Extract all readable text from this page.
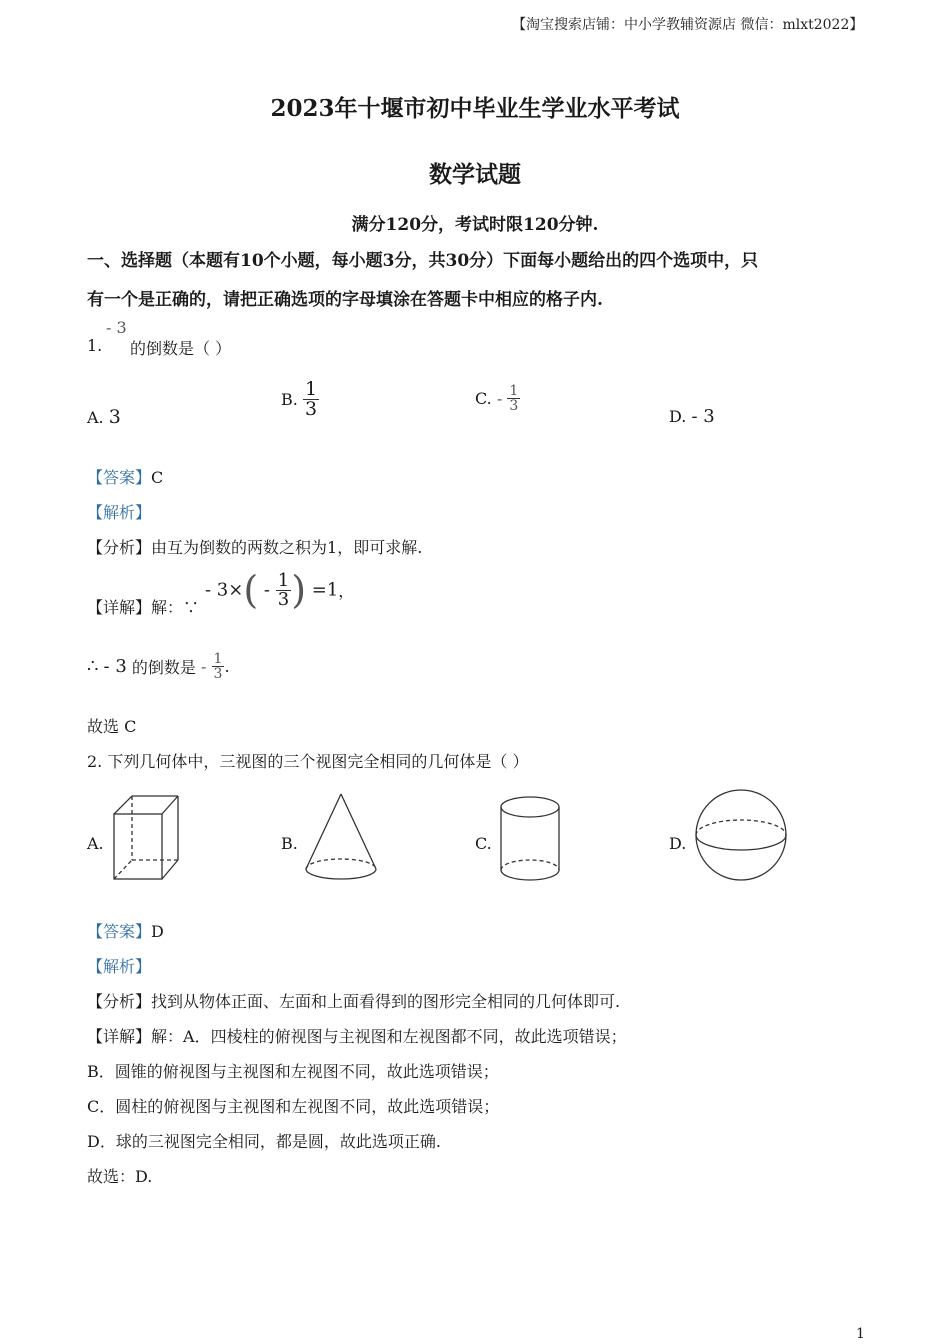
【淘宝搜索店铺：中小学教辅资源店 微信：mlxt2022】
2023年十堰市初中毕业生学业水平考试
数学试题
满分120分，考试时限120分钟.
一、选择题（本题有10个小题，每小题3分，共30分）下面每小题给出的四个选项中，只
有一个是正确的，请把正确选项的字母填涂在答题卡中相应的格子内.
1.
- 3
的倒数是（ ）
A. 3
B. $\frac{1}{3}$	C. - $\frac{1}{3}$
D. - 3
【答案】C
【解析】
【分析】由互为倒数的两数之积为1，即可求解.
【详解】解：∵
- $3\times( - \frac{1}{3}$ ) =1，
∴ - 3 的倒数是 - $\frac{1}{3}$ .
故选 C
2. 下列几何体中，三视图的三个视图完全相同的几何体是（ ）
A.	B.	C.	D.
【答案】D
【解析】
【分析】找到从物体正面、左面和上面看得到的图形完全相同的几何体即可.
【详解】解：A．四棱柱的俯视图与主视图和左视图都不同，故此选项错误；
B．圆锥的俯视图与主视图和左视图不同，故此选项错误；
C．圆柱的俯视图与主视图和左视图不同，故此选项错误；
D．球的三视图完全相同，都是圆，故此选项正确.
故选：D.
1
